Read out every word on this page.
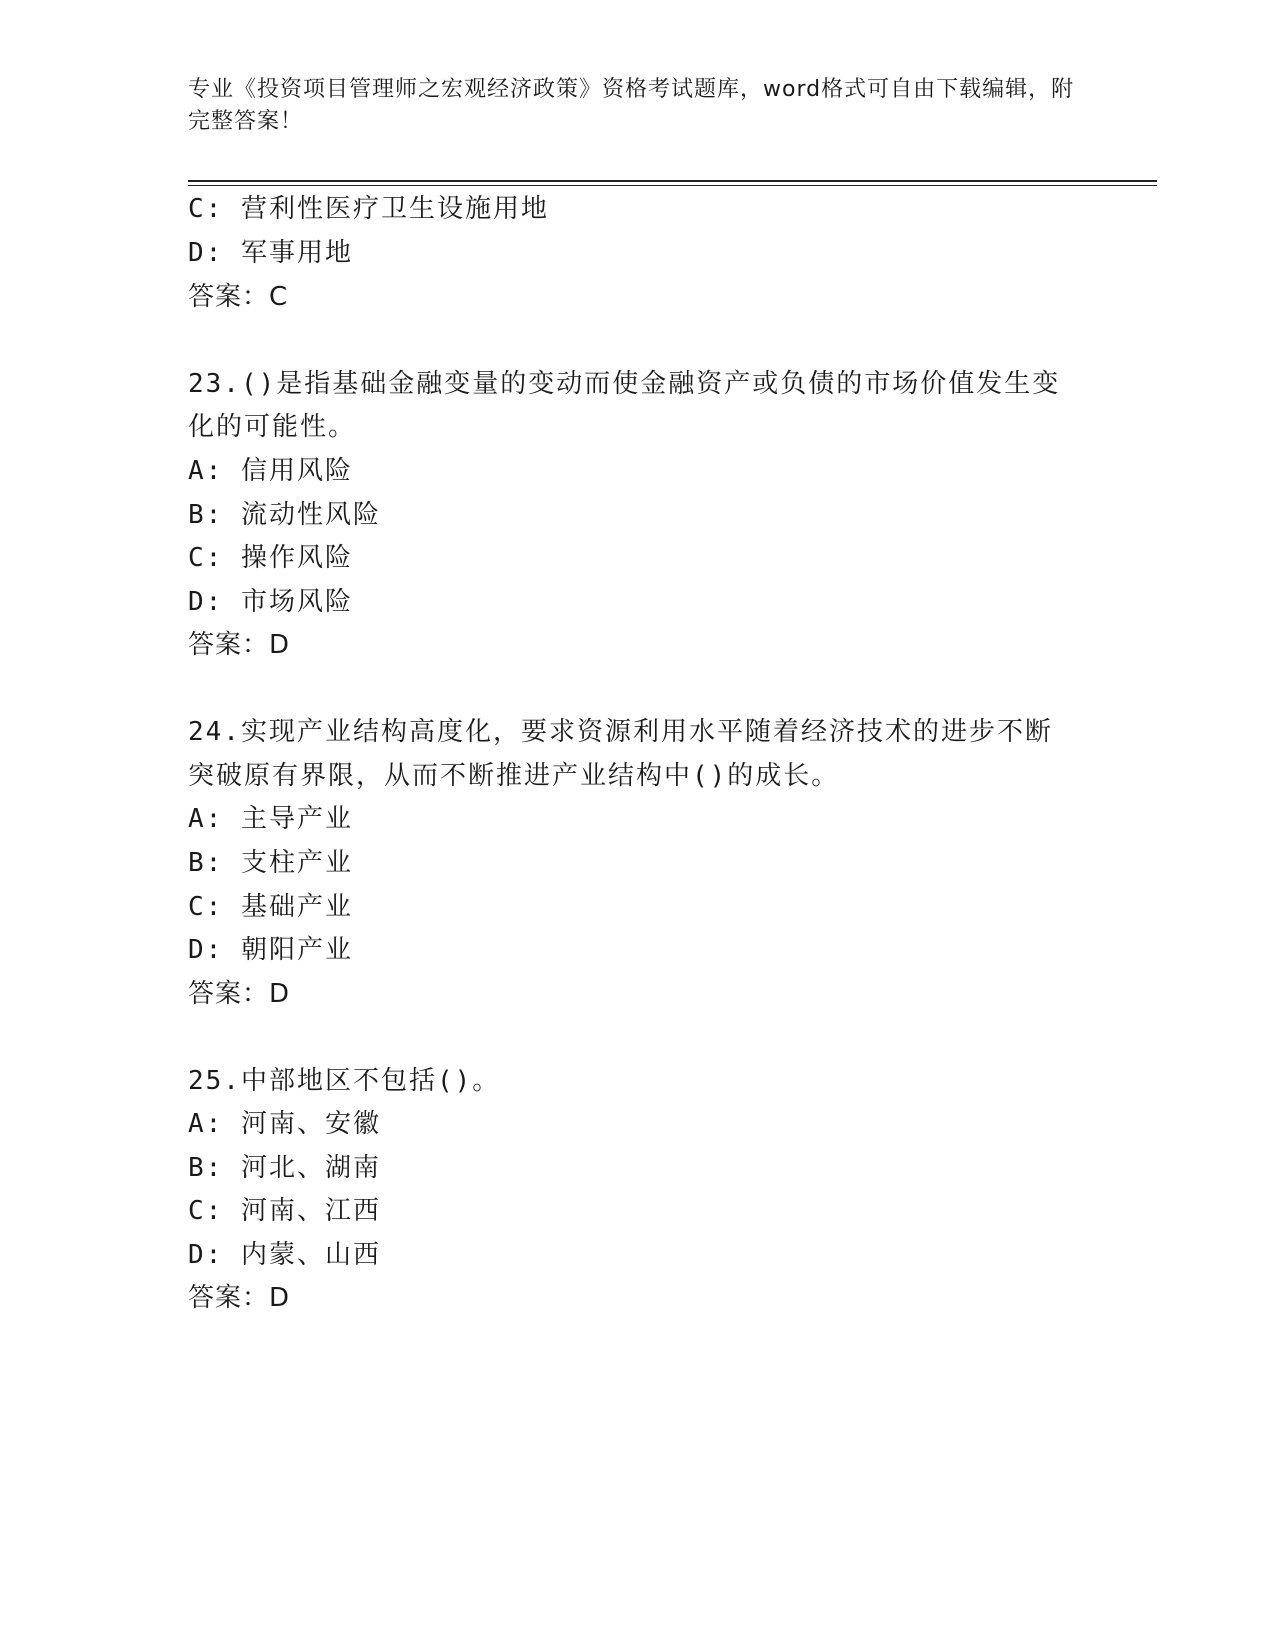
专业《投资项目管理师之宏观经济政策》资格考试题库，word格式可自由下载编辑，附完整答案！
C: 营利性医疗卫生设施用地
D: 军事用地
答案：C
23.()是指基础金融变量的变动而使金融资产或负债的市场价值发生变
化的可能性。
A: 信用风险
B: 流动性风险
C: 操作风险
D: 市场风险
答案：D
24.实现产业结构高度化，要求资源利用水平随着经济技术的进步不断
突破原有界限，从而不断推进产业结构中()的成长。
A: 主导产业
B: 支柱产业
C: 基础产业
D: 朝阳产业
答案：D
25.中部地区不包括()。
A: 河南、安徽
B: 河北、湖南
C: 河南、江西
D: 内蒙、山西
答案：D
